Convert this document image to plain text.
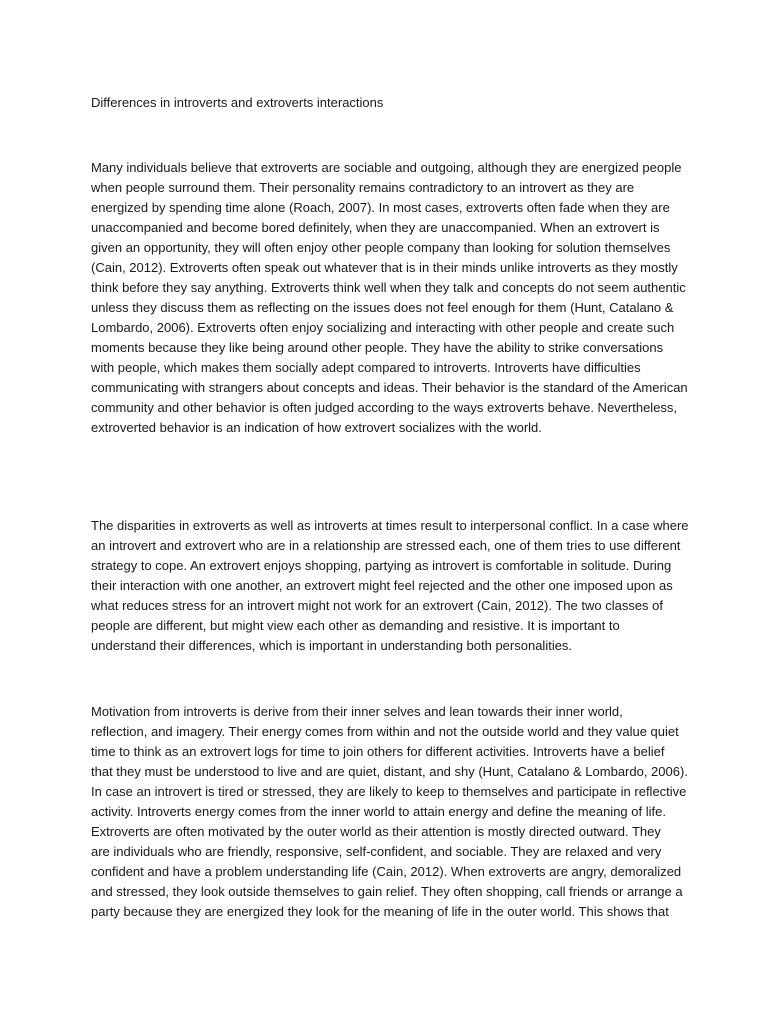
Differences in introverts and extroverts interactions
Many individuals believe that extroverts are sociable and outgoing, although they are energized people
when people surround them. Their personality remains contradictory to an introvert as they are
energized by spending time alone (Roach, 2007). In most cases, extroverts often fade when they are
unaccompanied and become bored definitely, when they are unaccompanied. When an extrovert is
given an opportunity, they will often enjoy other people company than looking for solution themselves
(Cain, 2012). Extroverts often speak out whatever that is in their minds unlike introverts as they mostly
think before they say anything. Extroverts think well when they talk and concepts do not seem authentic
unless they discuss them as reflecting on the issues does not feel enough for them (Hunt, Catalano &
Lombardo, 2006). Extroverts often enjoy socializing and interacting with other people and create such
moments because they like being around other people. They have the ability to strike conversations
with people, which makes them socially adept compared to introverts. Introverts have difficulties
communicating with strangers about concepts and ideas. Their behavior is the standard of the American
community and other behavior is often judged according to the ways extroverts behave. Nevertheless,
extroverted behavior is an indication of how extrovert socializes with the world.
The disparities in extroverts as well as introverts at times result to interpersonal conflict. In a case where
an introvert and extrovert who are in a relationship are stressed each, one of them tries to use different
strategy to cope. An extrovert enjoys shopping, partying as introvert is comfortable in solitude. During
their interaction with one another, an extrovert might feel rejected and the other one imposed upon as
what reduces stress for an introvert might not work for an extrovert (Cain, 2012). The two classes of
people are different, but might view each other as demanding and resistive. It is important to
understand their differences, which is important in understanding both personalities.
Motivation from introverts is derive from their inner selves and lean towards their inner world,
reflection, and imagery. Their energy comes from within and not the outside world and they value quiet
time to think as an extrovert logs for time to join others for different activities. Introverts have a belief
that they must be understood to live and are quiet, distant, and shy (Hunt, Catalano & Lombardo, 2006).
In case an introvert is tired or stressed, they are likely to keep to themselves and participate in reflective
activity. Introverts energy comes from the inner world to attain energy and define the meaning of life.
Extroverts are often motivated by the outer world as their attention is mostly directed outward. They
are individuals who are friendly, responsive, self-confident, and sociable. They are relaxed and very
confident and have a problem understanding life (Cain, 2012). When extroverts are angry, demoralized
and stressed, they look outside themselves to gain relief. They often shopping, call friends or arrange a
party because they are energized they look for the meaning of life in the outer world. This shows that
